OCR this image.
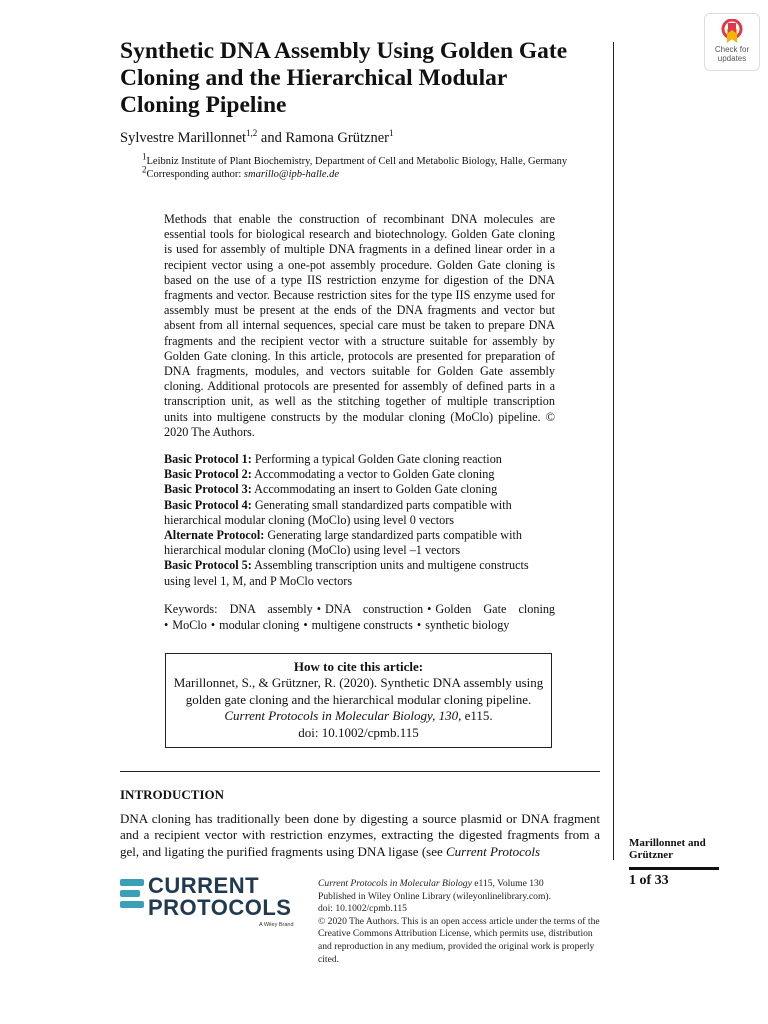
Synthetic DNA Assembly Using Golden Gate Cloning and the Hierarchical Modular Cloning Pipeline
Check for
updates
Sylvestre Marillonnet$^{1,2}$ and Ramona Grützner$^1$
$^1$Leibniz Institute of Plant Biochemistry, Department of Cell and Metabolic Biology, Halle, Germany
$^2$Corresponding author: smarillo@ipb-halle.de

Methods that enable the construction of recombinant DNA molecules are essential tools for biological research and biotechnology. Golden Gate cloning is used for assembly of multiple DNA fragments in a defined linear order in a recipient vector using a one-pot assembly procedure. Golden Gate cloning is based on the use of a type IIS restriction enzyme for digestion of the DNA fragments and vector. Because restriction sites for the type IIS enzyme used for assembly must be present at the ends of the DNA fragments and vector but absent from all internal sequences, special care must be taken to prepare DNA fragments and the recipient vector with a structure suitable for assembly by Golden Gate cloning. In this article, protocols are presented for preparation of DNA fragments, modules, and vectors suitable for Golden Gate assembly cloning. Additional protocols are presented for assembly of defined parts in a transcription unit, as well as the stitching together of multiple transcription units into multigene constructs by the modular cloning (MoClo) pipeline. © 2020 The Authors.

Basic Protocol 1: Performing a typical Golden Gate cloning reaction
Basic Protocol 2: Accommodating a vector to Golden Gate cloning
Basic Protocol 3: Accommodating an insert to Golden Gate cloning
Basic Protocol 4: Generating small standardized parts compatible with hierarchical modular cloning (MoClo) using level 0 vectors
Alternate Protocol: Generating large standardized parts compatible with hierarchical modular cloning (MoClo) using level –1 vectors
Basic Protocol 5: Assembling transcription units and multigene constructs using level 1, M, and P MoClo vectors
Keywords: DNA assembly • DNA construction • Golden Gate cloning • MoClo • modular cloning • multigene constructs • synthetic biology
How to cite this article:
Marillonnet, S., & Grützner, R. (2020). Synthetic DNA assembly using golden gate cloning and the hierarchical modular cloning pipeline. Current Protocols in Molecular Biology, 130, e115.
doi: 10.1002/cpmb.115
INTRODUCTION

DNA cloning has traditionally been done by digesting a source plasmid or DNA fragment and a recipient vector with restriction enzymes, extracting the digested fragments from a gel, and ligating the purified fragments using DNA ligase (see Current Protocols

Marillonnet and
Grützner
1 of 33
CURRENT
PROTOCOLS
A Wiley Brand
Current Protocols in Molecular Biology e115, Volume 130
Published in Wiley Online Library (wileyonlinelibrary.com).
doi: 10.1002/cpmb.115
© 2020 The Authors. This is an open access article under the terms of the Creative Commons Attribution License, which permits use, distribution and reproduction in any medium, provided the original work is properly cited.
